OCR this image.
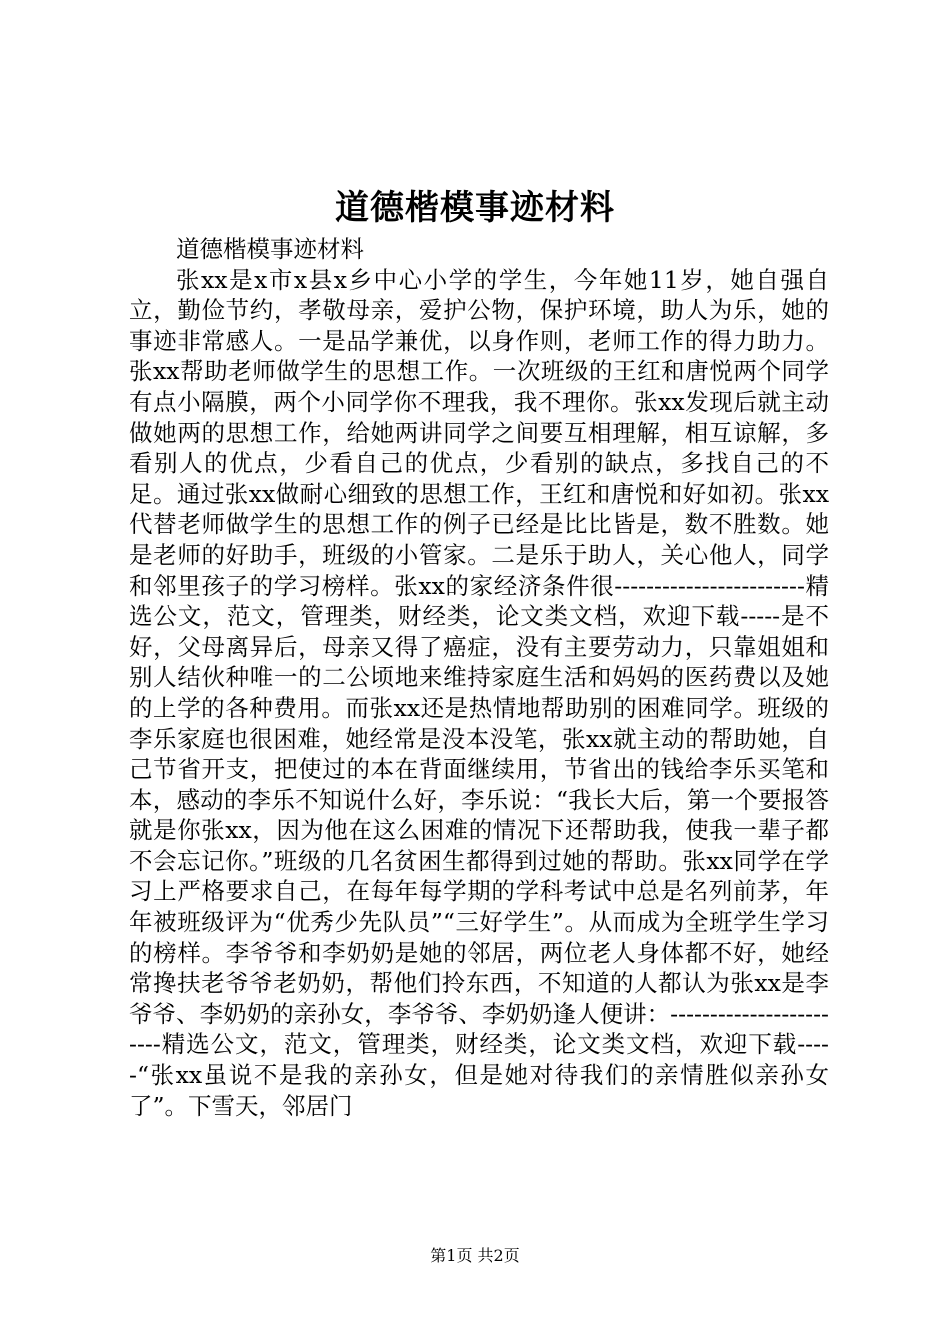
道德楷模事迹材料

道德楷模事迹材料

张xx是x市x县x乡中心小学的学生，今年她11岁，她自强自立，勤俭节约，孝敬母亲，爱护公物，保护环境，助人为乐，她的事迹非常感人。一是品学兼优，以身作则，老师工作的得力助力。张xx帮助老师做学生的思想工作。一次班级的王红和唐悦两个同学有点小隔膜，两个小同学你不理我，我不理你。张xx发现后就主动做她两的思想工作，给她两讲同学之间要互相理解，相互谅解，多看别人的优点，少看自己的优点，少看别的缺点，多找自己的不足。通过张xx做耐心细致的思想工作，王红和唐悦和好如初。张xx代替老师做学生的思想工作的例子已经是比比皆是，数不胜数。她是老师的好助手，班级的小管家。二是乐于助人，关心他人，同学和邻里孩子的学习榜样。张xx的家经济条件很------------------------精选公文，范文，管理类，财经类，论文类文档，欢迎下载-----是不好，父母离异后，母亲又得了癌症，没有主要劳动力，只靠姐姐和别人结伙种唯一的二公顷地来维持家庭生活和妈妈的医药费以及她的上学的各种费用。而张xx还是热情地帮助别的困难同学。班级的李乐家庭也很困难，她经常是没本没笔，张xx就主动的帮助她，自己节省开支，把使过的本在背面继续用，节省出的钱给李乐买笔和本，感动的李乐不知说什么好，李乐说：“我长大后，第一个要报答就是你张xx，因为他在这么困难的情况下还帮助我，使我一辈子都不会忘记你。”班级的几名贫困生都得到过她的帮助。张xx同学在学习上严格要求自己，在每年每学期的学科考试中总是名列前茅，年年被班级评为“优秀少先队员”“三好学生”。从而成为全班学生学习的榜样。李爷爷和李奶奶是她的邻居，两位老人身体都不好，她经常搀扶老爷爷老奶奶，帮他们拎东西，不知道的人都认为张xx是李爷爷、李奶奶的亲孙女，李爷爷、李奶奶逢人便讲：------------------------精选公文，范文，管理类，财经类，论文类文档，欢迎下载-----“张xx虽说不是我的亲孙女，但是她对待我们的亲情胜似亲孙女了”。下雪天，邻居门

第1页 共2页
